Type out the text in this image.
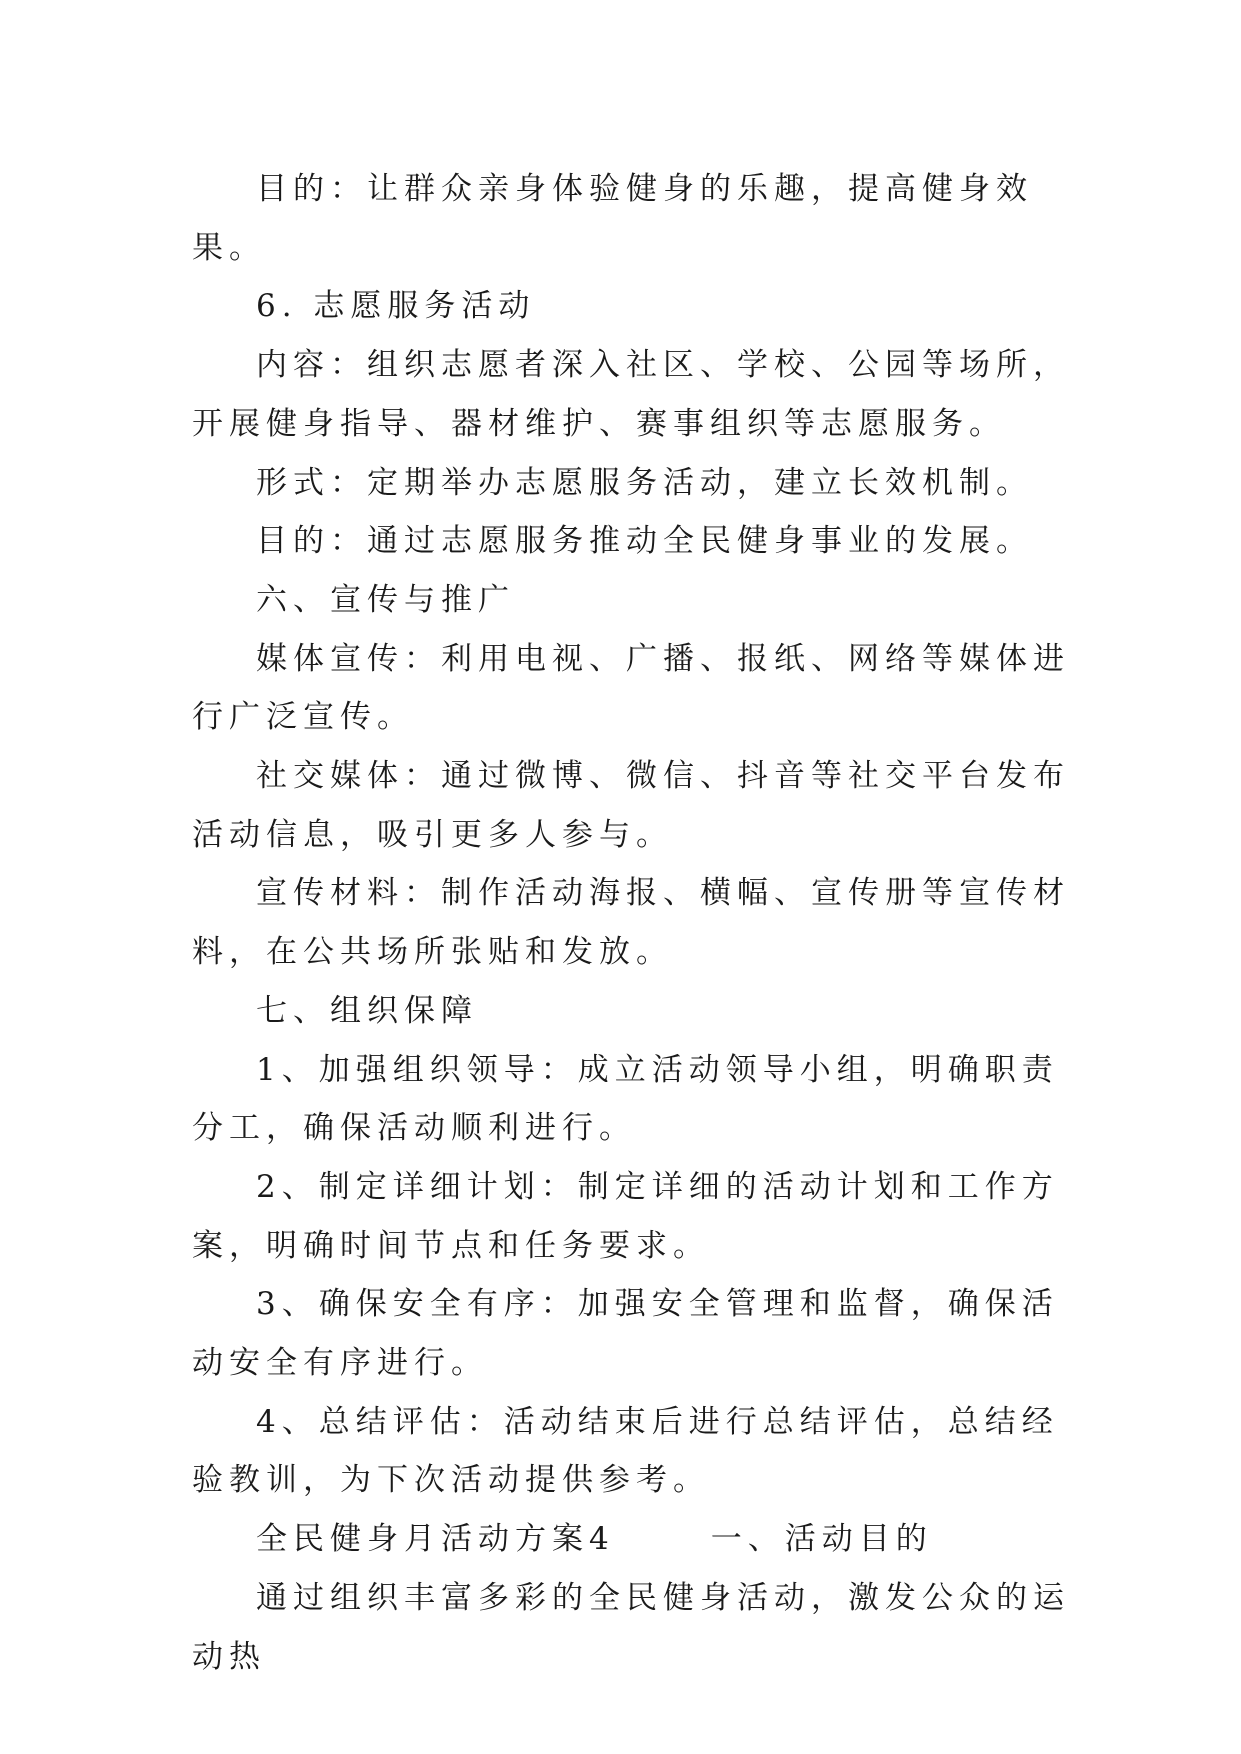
目的：让群众亲身体验健身的乐趣，提高健身效果。

6. 志愿服务活动

内容：组织志愿者深入社区、学校、公园等场所，开展健身指导、器材维护、赛事组织等志愿服务。

形式：定期举办志愿服务活动，建立长效机制。

目的：通过志愿服务推动全民健身事业的发展。

六、宣传与推广

媒体宣传：利用电视、广播、报纸、网络等媒体进行广泛宣传。

社交媒体：通过微博、微信、抖音等社交平台发布活动信息，吸引更多人参与。

宣传材料：制作活动海报、横幅、宣传册等宣传材料，在公共场所张贴和发放。

七、组织保障

1、加强组织领导：成立活动领导小组，明确职责分工，确保活动顺利进行。

2、制定详细计划：制定详细的活动计划和工作方案，明确时间节点和任务要求。

3、确保安全有序：加强安全管理和监督，确保活动安全有序进行。

4、总结评估：活动结束后进行总结评估，总结经验教训，为下次活动提供参考。

全民健身月活动方案4	一、活动目的

通过组织丰富多彩的全民健身活动，激发公众的运动热
